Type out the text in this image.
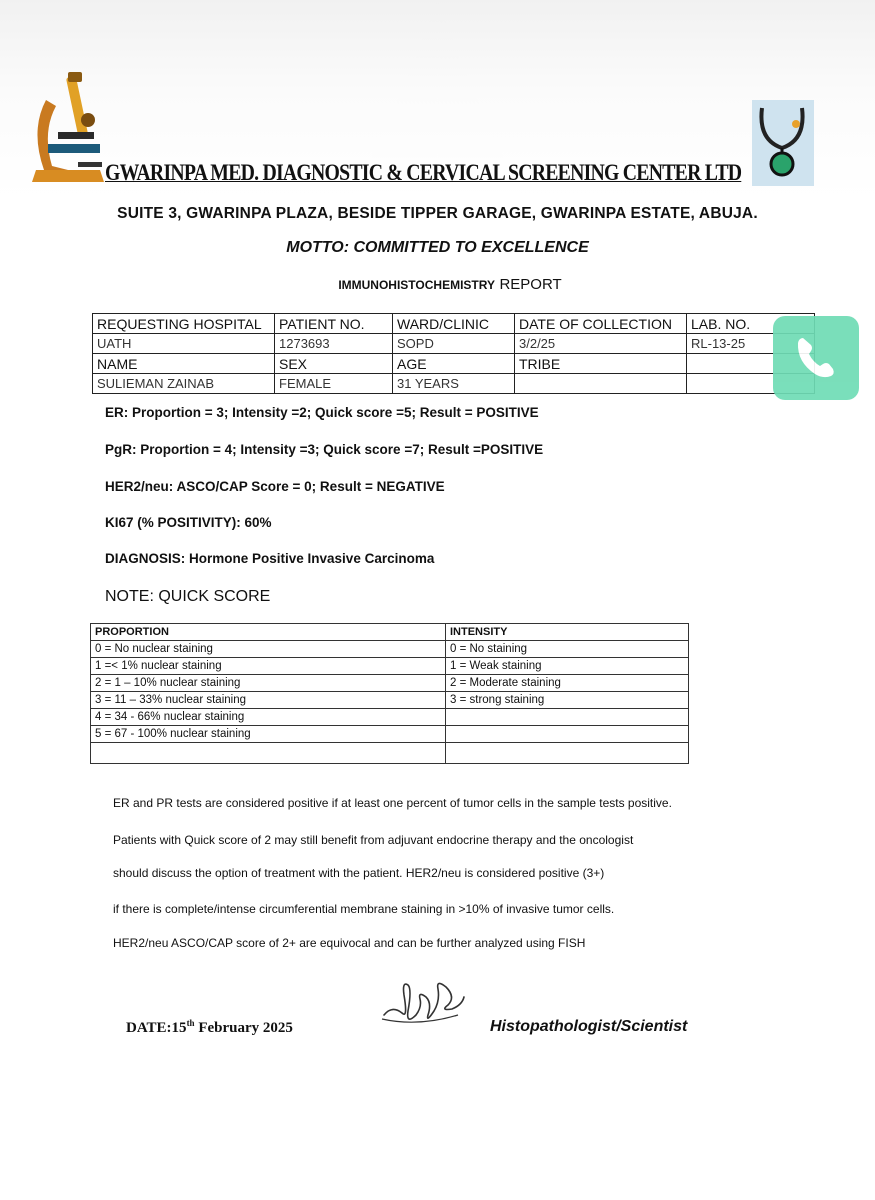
GWARINPA MED. DIAGNOSTIC & CERVICAL SCREENING CENTER LTD
SUITE 3, GWARINPA PLAZA, BESIDE TIPPER GARAGE, GWARINPA ESTATE, ABUJA.
MOTTO: COMMITTED TO EXCELLENCE
IMMUNOHISTOCHEMISTRY REPORT
REQUESTING HOSPITAL	PATIENT NO.	WARD/CLINIC	DATE OF COLLECTION	LAB. NO.
UATH	1273693	SOPD	3/2/25	RL-13-25
NAME	SEX	AGE	TRIBE	
SULIEMAN ZAINAB	FEMALE	31 YEARS		
ER: Proportion = 3; Intensity =2; Quick score =5; Result = POSITIVE
PgR: Proportion = 4; Intensity =3; Quick score =7; Result =POSITIVE
HER2/neu: ASCO/CAP Score = 0; Result = NEGATIVE
KI67 (% POSITIVITY): 60%
DIAGNOSIS: Hormone Positive Invasive Carcinoma
NOTE: QUICK SCORE
PROPORTION	INTENSITY
0 = No nuclear staining	0 = No staining
1 =< 1% nuclear staining	1 = Weak staining
2 = 1 – 10% nuclear staining	2 = Moderate staining
3 = 11 – 33% nuclear staining	3 = strong staining
4 = 34 - 66% nuclear staining	
5 = 67 - 100% nuclear staining	

ER and PR tests are considered positive if at least one percent of tumor cells in the sample tests positive.
Patients with Quick score of 2 may still benefit from adjuvant endocrine therapy and the oncologist
should discuss the option of treatment with the patient. HER2/neu is considered positive (3+)
if there is complete/intense circumferential membrane staining in >10% of invasive tumor cells.
HER2/neu ASCO/CAP score of 2+ are equivocal and can be further analyzed using FISH
DATE:15th February 2025	Histopathologist/Scientist
